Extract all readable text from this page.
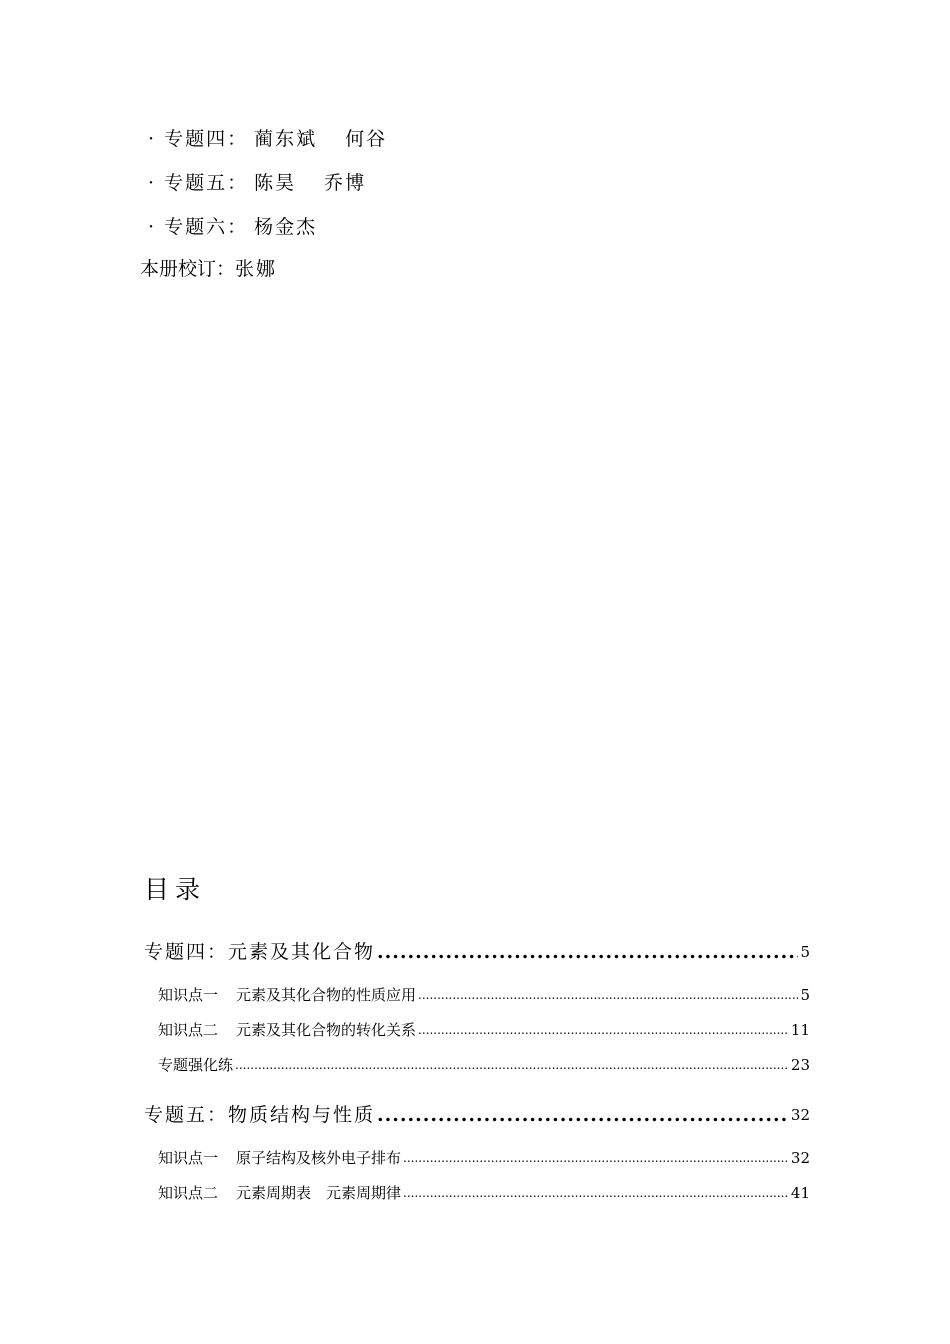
· 专题四： 蔺东斌 何谷
· 专题五： 陈昊 乔博
· 专题六： 杨金杰
本册校订：张娜
目录
专题四：元素及其化合物 .....	5
知识点一 元素及其化合物的性质应用 .....	5
知识点二 元素及其化合物的转化关系 .....	11
专题强化练 .....	23
专题五：物质结构与性质 .....	32
知识点一 原子结构及核外电子排布 .....	32
知识点二 元素周期表　元素周期律 .....	41
